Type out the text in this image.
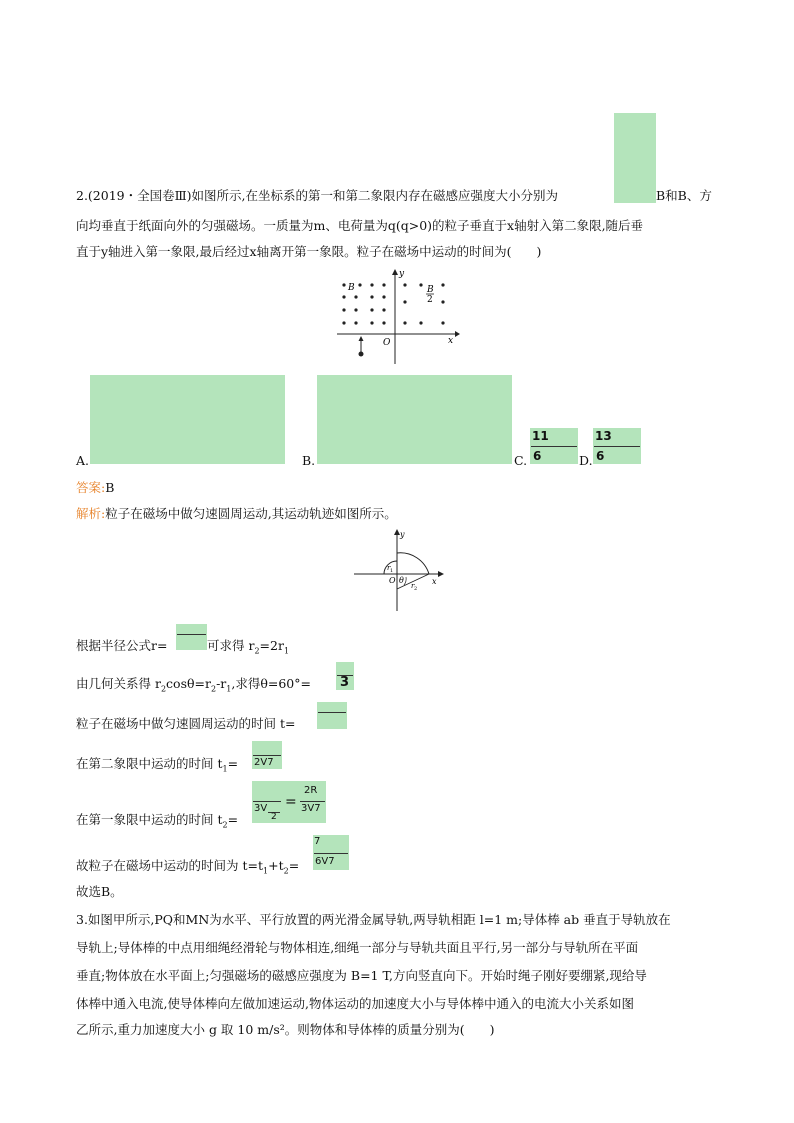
2.(2019・全国卷Ⅲ)如图所示,在坐标系的第一和第二象限内存在磁感应强度大小分别为	B和B、方
向均垂直于纸面向外的匀强磁场。一质量为m、电荷量为q(q>0)的粒子垂直于x轴射入第二象限,随后垂
直于y轴进入第一象限,最后经过x轴离开第一象限。粒子在磁场中运动的时间为(　　)
B	B
2
y
x
O
A.	B.	C.
11
6	D.
13
6
答案:B
解析:粒子在磁场中做匀速圆周运动,其运动轨迹如图所示。
y
x
O θ
r 1
r 2
根据半径公式r=	可求得 $r_2=2r_1$
由几何关系得 $r_2\cos\theta=r_2-r_1$,求得θ=60°= 3
粒子在磁场中做匀速圆周运动的时间 t=
在第二象限中运动的时间 $t_1= 2V7$
在第一象限中运动的时间 $t_2=$
3V
2
=
2R
3V7
故粒子在磁场中运动的时间为 $t=t_1+t_2=$
7
6V7
故选B。
3.如图甲所示,PQ和MN为水平、平行放置的两光滑金属导轨,两导轨相距 l=1 m;导体棒 ab 垂直于导轨放在
导轨上;导体棒的中点用细绳经滑轮与物体相连,细绳一部分与导轨共面且平行,另一部分与导轨所在平面
垂直;物体放在水平面上;匀强磁场的磁感应强度为 B=1 T,方向竖直向下。开始时绳子刚好要绷紧,现给导
体棒中通入电流,使导体棒向左做加速运动,物体运动的加速度大小与导体棒中通入的电流大小关系如图
乙所示,重力加速度大小 g 取 10 m/s²。则物体和导体棒的质量分别为(　　)
